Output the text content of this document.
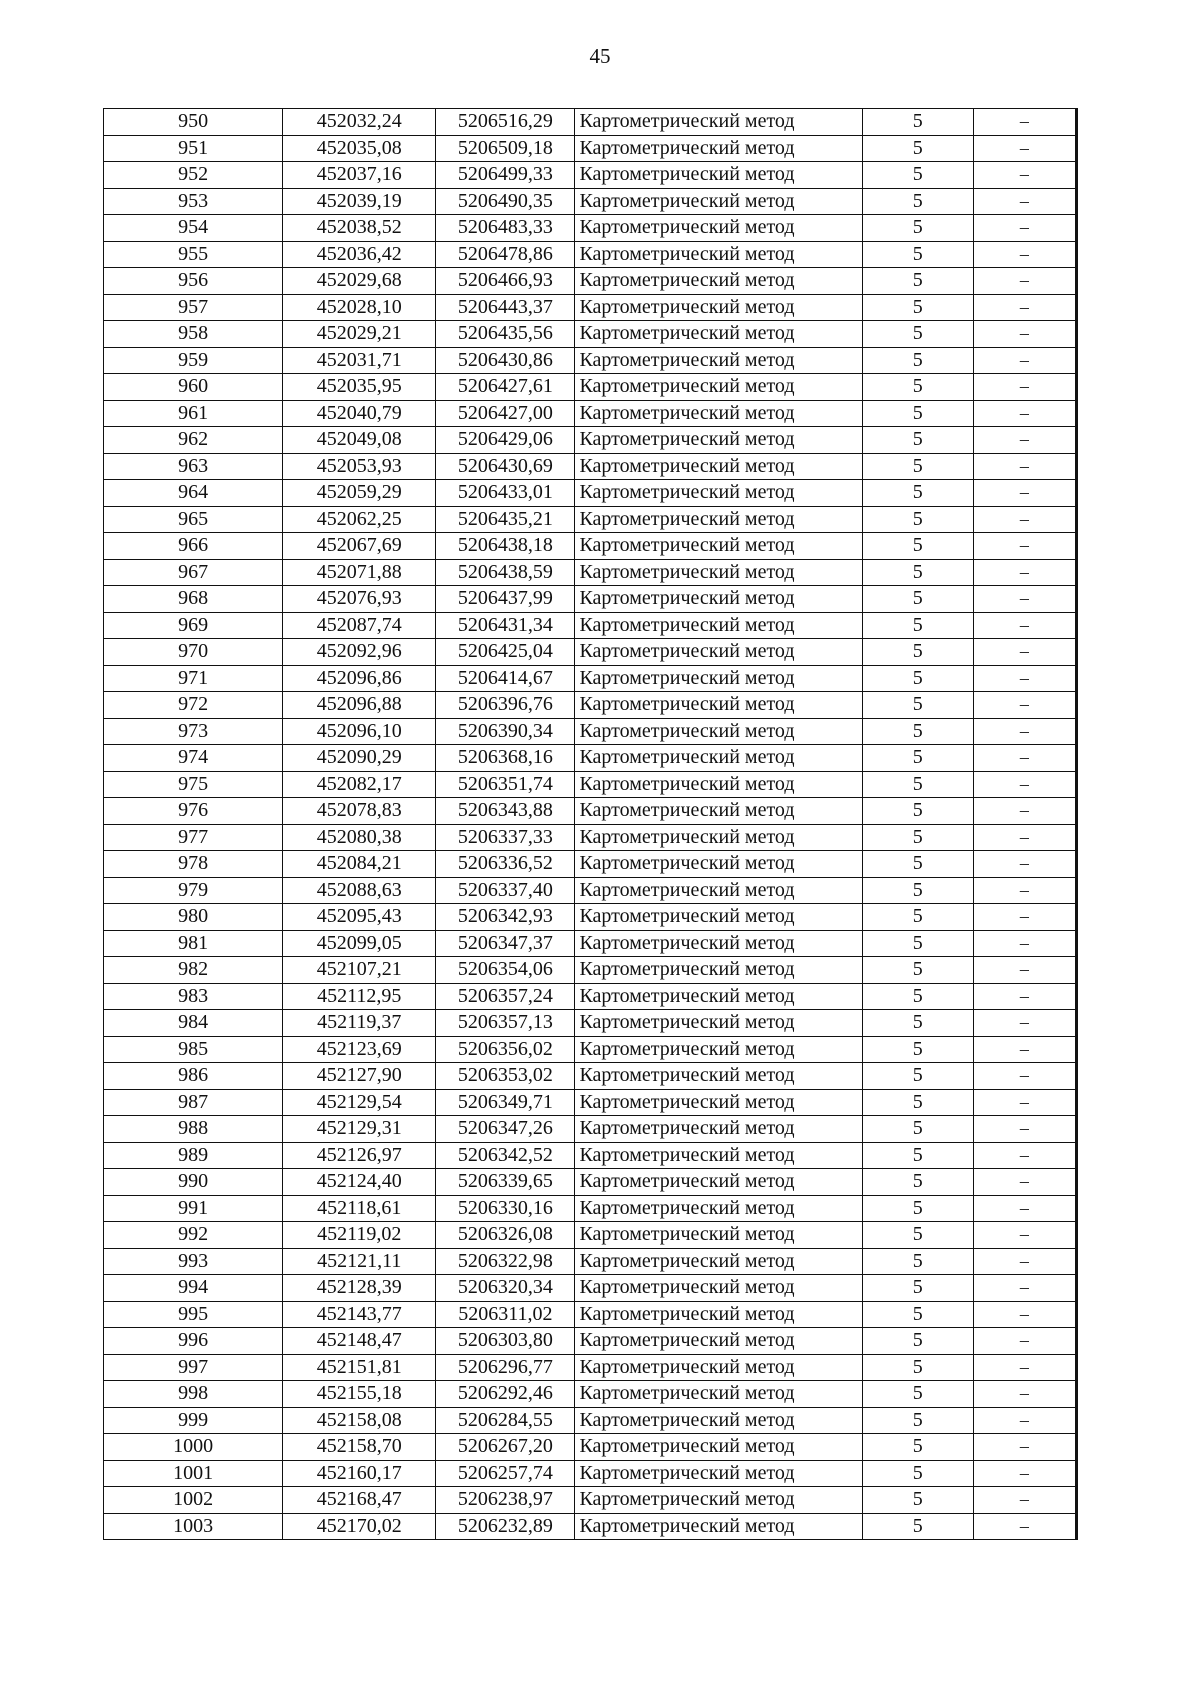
45
950	452032,24	5206516,29	Картометрический метод	5	–
951	452035,08	5206509,18	Картометрический метод	5	–
952	452037,16	5206499,33	Картометрический метод	5	–
953	452039,19	5206490,35	Картометрический метод	5	–
954	452038,52	5206483,33	Картометрический метод	5	–
955	452036,42	5206478,86	Картометрический метод	5	–
956	452029,68	5206466,93	Картометрический метод	5	–
957	452028,10	5206443,37	Картометрический метод	5	–
958	452029,21	5206435,56	Картометрический метод	5	–
959	452031,71	5206430,86	Картометрический метод	5	–
960	452035,95	5206427,61	Картометрический метод	5	–
961	452040,79	5206427,00	Картометрический метод	5	–
962	452049,08	5206429,06	Картометрический метод	5	–
963	452053,93	5206430,69	Картометрический метод	5	–
964	452059,29	5206433,01	Картометрический метод	5	–
965	452062,25	5206435,21	Картометрический метод	5	–
966	452067,69	5206438,18	Картометрический метод	5	–
967	452071,88	5206438,59	Картометрический метод	5	–
968	452076,93	5206437,99	Картометрический метод	5	–
969	452087,74	5206431,34	Картометрический метод	5	–
970	452092,96	5206425,04	Картометрический метод	5	–
971	452096,86	5206414,67	Картометрический метод	5	–
972	452096,88	5206396,76	Картометрический метод	5	–
973	452096,10	5206390,34	Картометрический метод	5	–
974	452090,29	5206368,16	Картометрический метод	5	–
975	452082,17	5206351,74	Картометрический метод	5	–
976	452078,83	5206343,88	Картометрический метод	5	–
977	452080,38	5206337,33	Картометрический метод	5	–
978	452084,21	5206336,52	Картометрический метод	5	–
979	452088,63	5206337,40	Картометрический метод	5	–
980	452095,43	5206342,93	Картометрический метод	5	–
981	452099,05	5206347,37	Картометрический метод	5	–
982	452107,21	5206354,06	Картометрический метод	5	–
983	452112,95	5206357,24	Картометрический метод	5	–
984	452119,37	5206357,13	Картометрический метод	5	–
985	452123,69	5206356,02	Картометрический метод	5	–
986	452127,90	5206353,02	Картометрический метод	5	–
987	452129,54	5206349,71	Картометрический метод	5	–
988	452129,31	5206347,26	Картометрический метод	5	–
989	452126,97	5206342,52	Картометрический метод	5	–
990	452124,40	5206339,65	Картометрический метод	5	–
991	452118,61	5206330,16	Картометрический метод	5	–
992	452119,02	5206326,08	Картометрический метод	5	–
993	452121,11	5206322,98	Картометрический метод	5	–
994	452128,39	5206320,34	Картометрический метод	5	–
995	452143,77	5206311,02	Картометрический метод	5	–
996	452148,47	5206303,80	Картометрический метод	5	–
997	452151,81	5206296,77	Картометрический метод	5	–
998	452155,18	5206292,46	Картометрический метод	5	–
999	452158,08	5206284,55	Картометрический метод	5	–
1000	452158,70	5206267,20	Картометрический метод	5	–
1001	452160,17	5206257,74	Картометрический метод	5	–
1002	452168,47	5206238,97	Картометрический метод	5	–
1003	452170,02	5206232,89	Картометрический метод	5	–
